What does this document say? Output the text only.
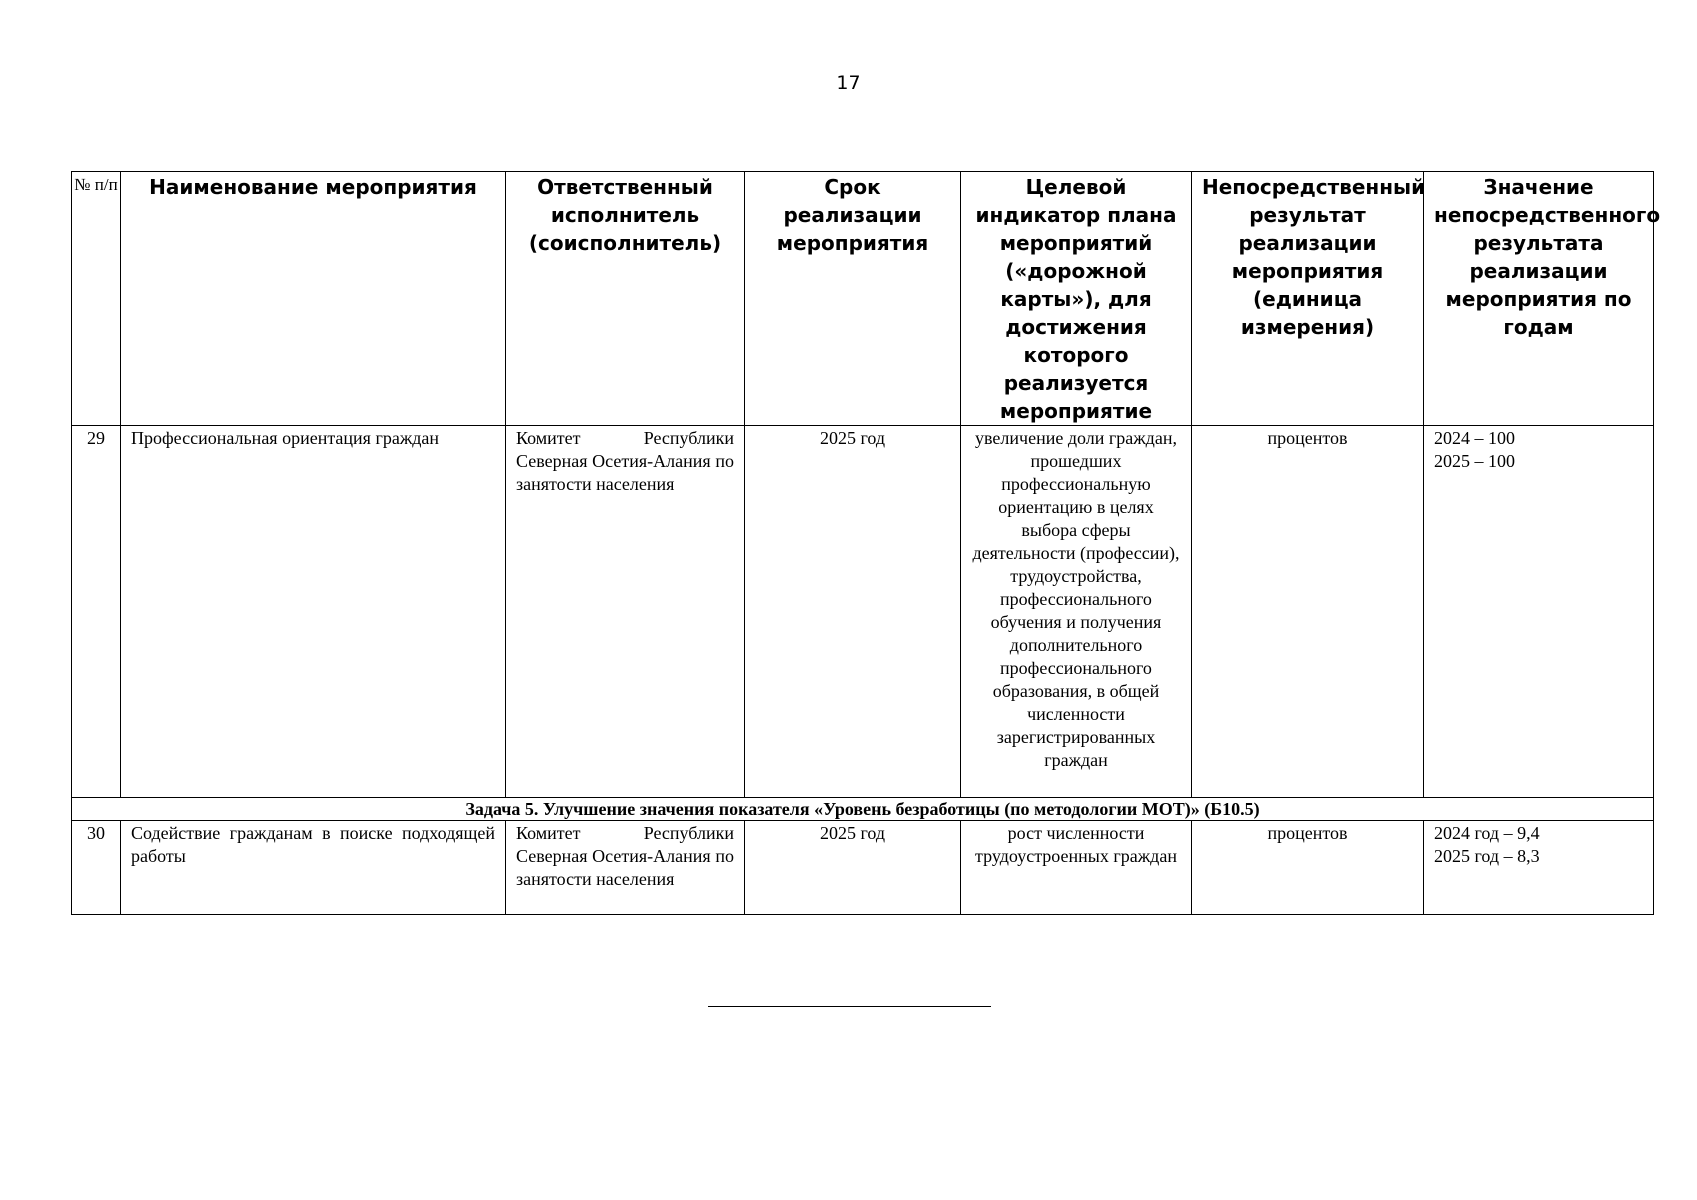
17
№ п/п	Наименование мероприятия	Ответственный исполнитель (соисполнитель)	Срок реализации мероприятия	Целевой индикатор плана мероприятий («дорожной карты»), для достижения которого реализуется мероприятие	Непосредственный результат реализации мероприятия (единица измерения)	Значение непосредственного результата реализации мероприятия по годам
29	Профессиональная ориентация граждан	Комитет Республики Северная Осетия-Алания по занятости населения	2025 год	увеличение доли граждан, прошедших профессиональную ориентацию в целях выбора сферы деятельности (профессии), трудоустройства, профессионального обучения и получения дополнительного профессионального образования, в общей численности зарегистрированных граждан	процентов	2024 – 100
2025 – 100

Задача 5. Улучшение значения показателя «Уровень безработицы (по методологии МОТ)» (Б10.5)						
30	Содействие гражданам в поиске подходящей работы	Комитет Республики Северная Осетия-Алания по занятости населения	2025 год	рост численности трудоустроенных граждан	процентов	2024 год – 9,4
2025 год – 8,3
